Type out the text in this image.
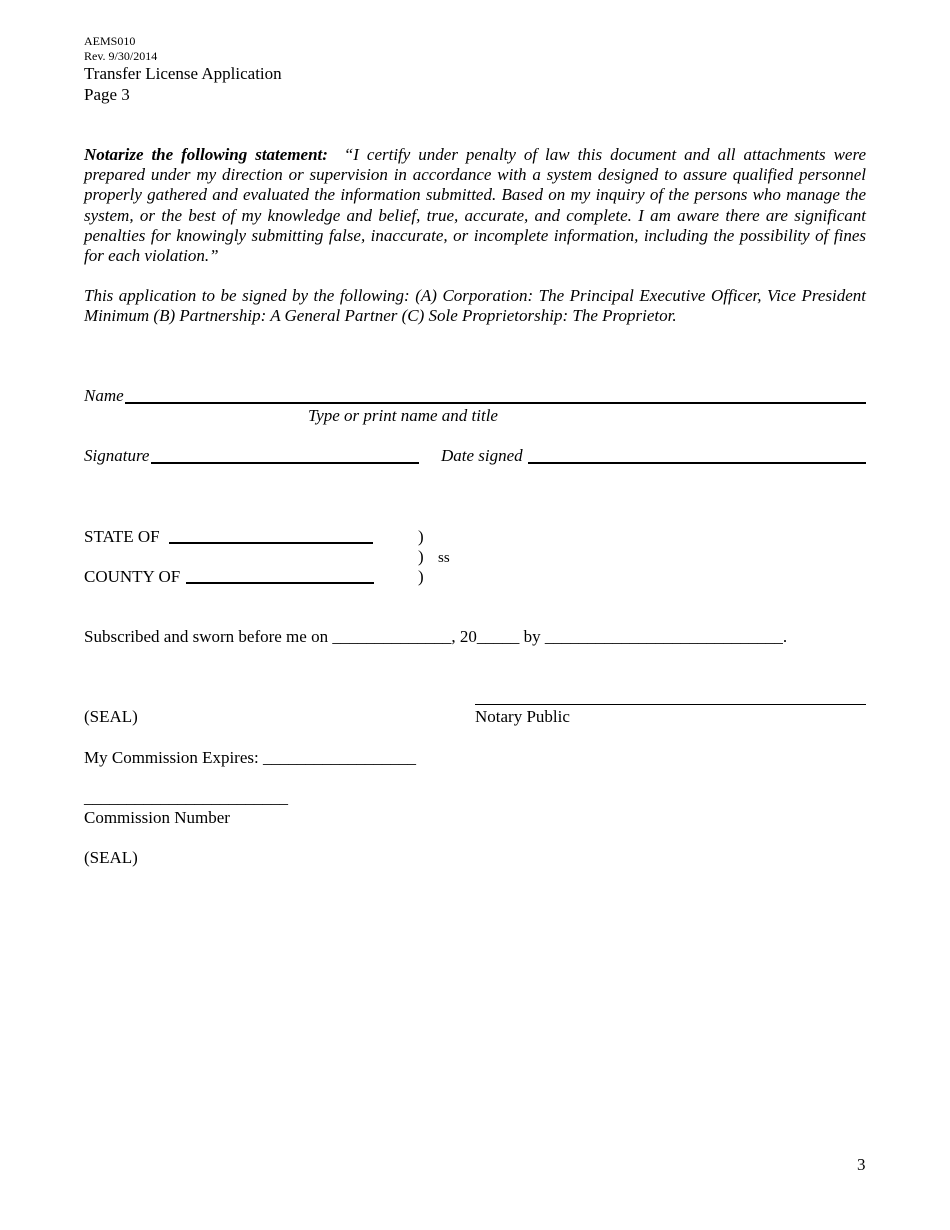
AEMS010
Rev. 9/30/2014
Transfer License Application
Page 3
Notarize the following statement: “I certify under penalty of law this document and all attachments were prepared under my direction or supervision in accordance with a system designed to assure qualified personnel properly gathered and evaluated the information submitted. Based on my inquiry of the persons who manage the system, or the best of my knowledge and belief, true, accurate, and complete. I am aware there are significant penalties for knowingly submitting false, inaccurate, or incomplete information, including the possibility of fines for each violation.”
This application to be signed by the following: (A) Corporation: The Principal Executive Officer, Vice President Minimum (B) Partnership: A General Partner (C) Sole Proprietorship: The Proprietor.
Name
Type or print name and title
Signature	Date signed
STATE OF
COUNTY OF
)
)
)
ss
Subscribed and sworn before me on ______________, 20_____ by ____________________________.
(SEAL)	Notary Public
My Commission Expires: __________________
________________________
Commission Number
(SEAL)
3
